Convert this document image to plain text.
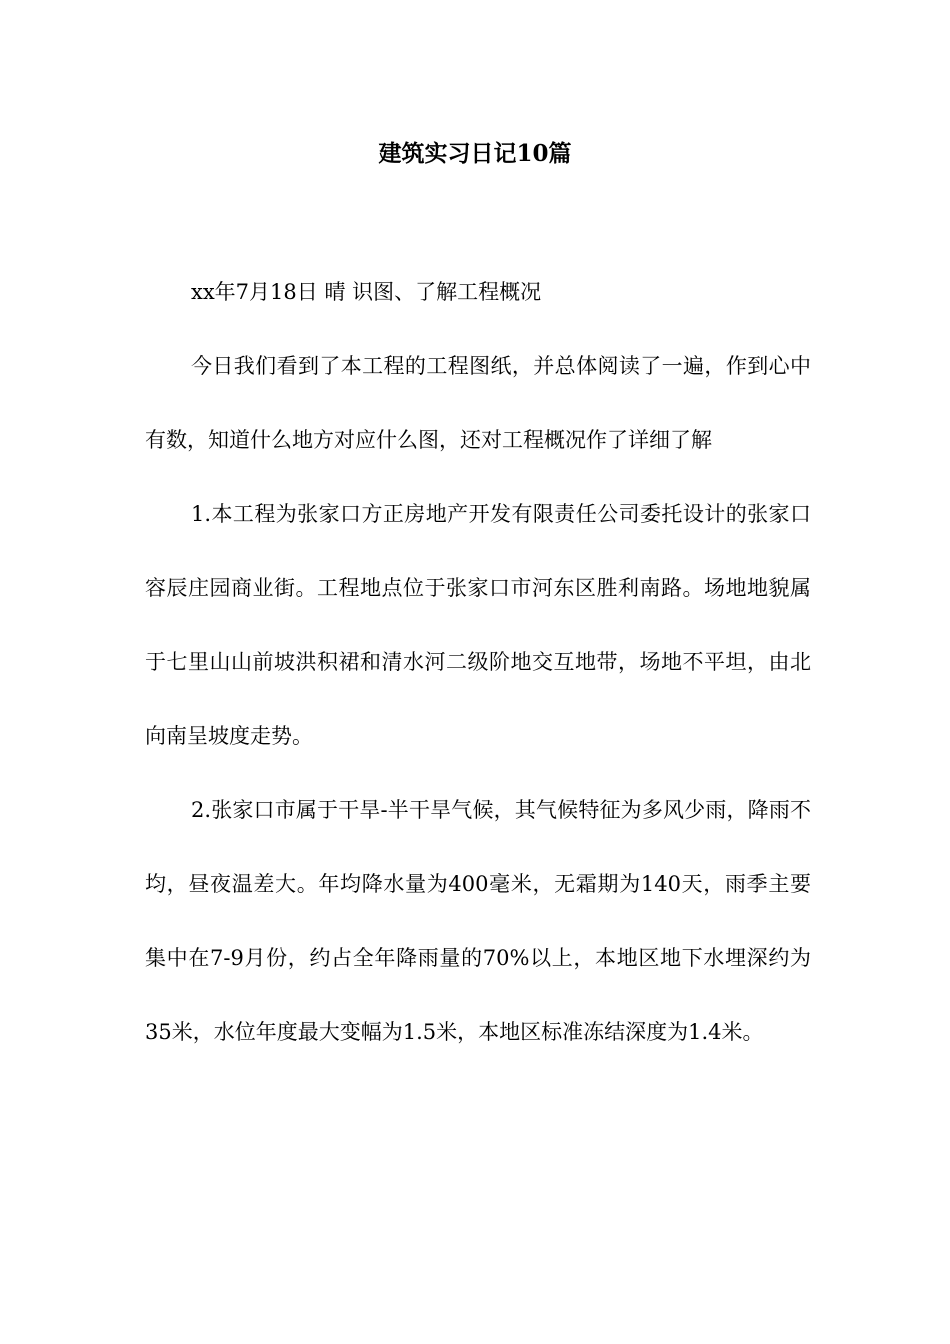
建筑实习日记10篇

xx年7月18日 晴 识图、了解工程概况

今日我们看到了本工程的工程图纸，并总体阅读了一遍，作到心中有数，知道什么地方对应什么图，还对工程概况作了详细了解

1.本工程为张家口方正房地产开发有限责任公司委托设计的张家口容辰庄园商业街。工程地点位于张家口市河东区胜利南路。场地地貌属于七里山山前坡洪积裙和清水河二级阶地交互地带，场地不平坦，由北向南呈坡度走势。

2.张家口市属于干旱-半干旱气候，其气候特征为多风少雨，降雨不均，昼夜温差大。年均降水量为400毫米，无霜期为140天，雨季主要集中在7-9月份，约占全年降雨量的70%以上，本地区地下水埋深约为35米，水位年度最大变幅为1.5米，本地区标准冻结深度为1.4米。
